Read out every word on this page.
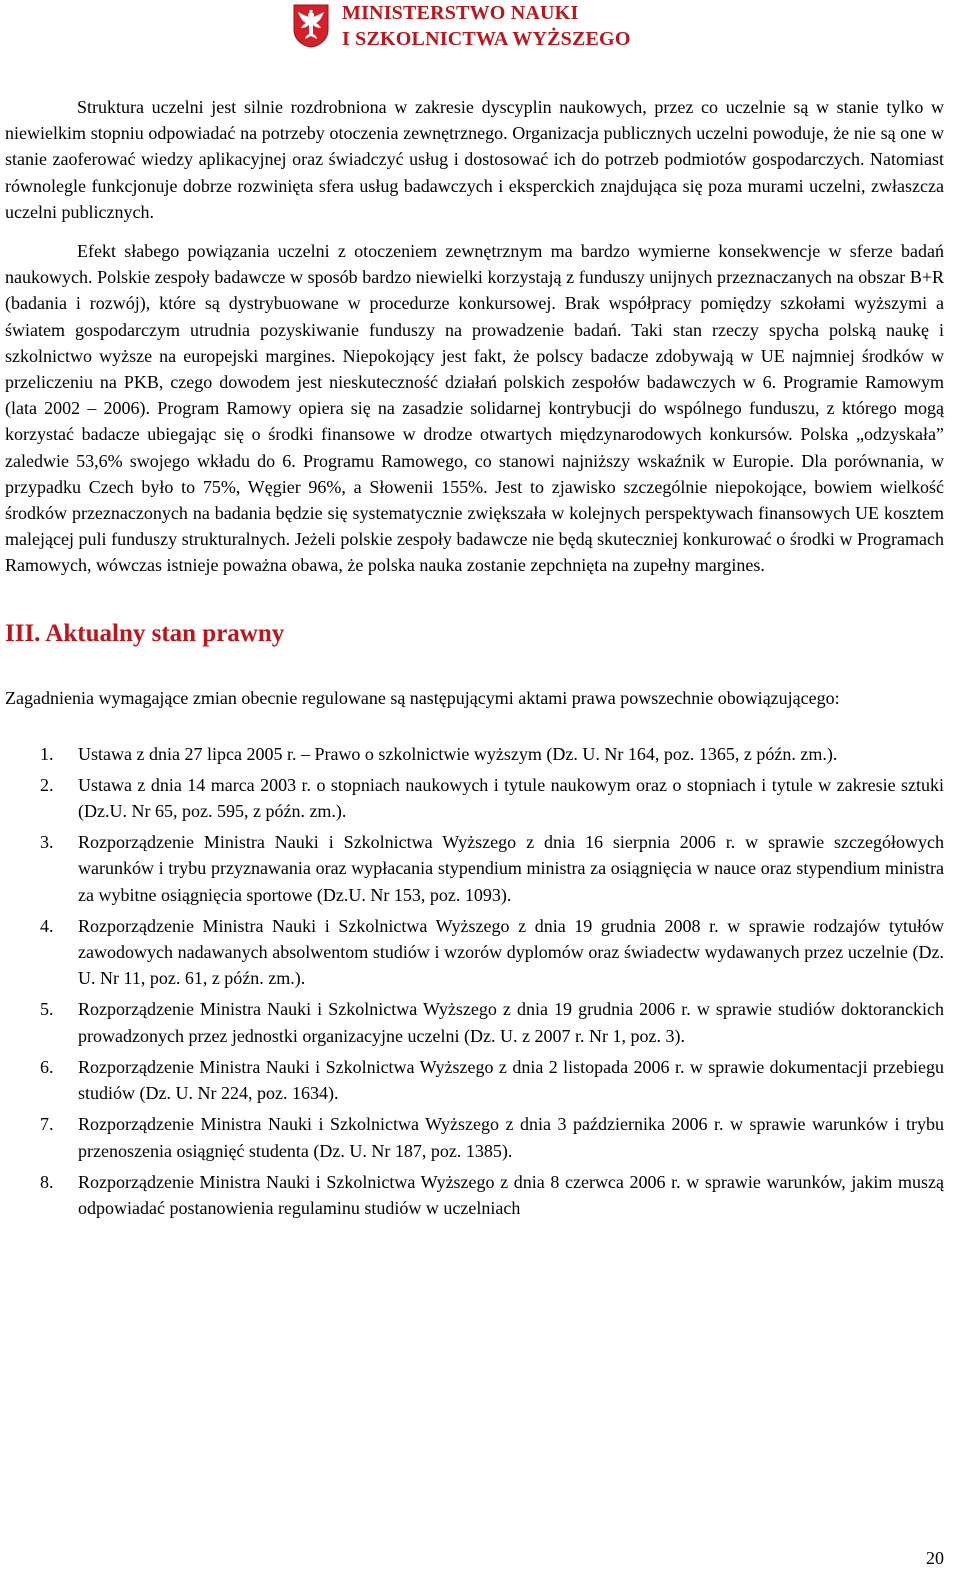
MINISTERSTWO NAUKI
I SZKOLNICTWA WYŻSZEGO

Struktura uczelni jest silnie rozdrobniona w zakresie dyscyplin naukowych, przez co uczelnie są w stanie tylko w niewielkim stopniu odpowiadać na potrzeby otoczenia zewnętrznego. Organizacja publicznych uczelni powoduje, że nie są one w stanie zaoferować wiedzy aplikacyjnej oraz świadczyć usług i dostosować ich do potrzeb podmiotów gospodarczych. Natomiast równolegle funkcjonuje dobrze rozwinięta sfera usług badawczych i eksperckich znajdująca się poza murami uczelni, zwłaszcza uczelni publicznych.

Efekt słabego powiązania uczelni z otoczeniem zewnętrznym ma bardzo wymierne konsekwencje w sferze badań naukowych. Polskie zespoły badawcze w sposób bardzo niewielki korzystają z funduszy unijnych przeznaczanych na obszar B+R (badania i rozwój), które są dystrybuowane w procedurze konkursowej. Brak współpracy pomiędzy szkołami wyższymi a światem gospodarczym utrudnia pozyskiwanie funduszy na prowadzenie badań. Taki stan rzeczy spycha polską naukę i szkolnictwo wyższe na europejski margines. Niepokojący jest fakt, że polscy badacze zdobywają w UE najmniej środków w przeliczeniu na PKB, czego dowodem jest nieskuteczność działań polskich zespołów badawczych w 6. Programie Ramowym (lata 2002 – 2006). Program Ramowy opiera się na zasadzie solidarnej kontrybucji do wspólnego funduszu, z którego mogą korzystać badacze ubiegając się o środki finansowe w drodze otwartych międzynarodowych konkursów. Polska „odzyskała” zaledwie 53,6% swojego wkładu do 6. Programu Ramowego, co stanowi najniższy wskaźnik w Europie. Dla porównania, w przypadku Czech było to 75%, Węgier 96%, a Słowenii 155%. Jest to zjawisko szczególnie niepokojące, bowiem wielkość środków przeznaczonych na badania będzie się systematycznie zwiększała w kolejnych perspektywach finansowych UE kosztem malejącej puli funduszy strukturalnych. Jeżeli polskie zespoły badawcze nie będą skuteczniej konkurować o środki w Programach Ramowych, wówczas istnieje poważna obawa, że polska nauka zostanie zepchnięta na zupełny margines.

III. Aktualny stan prawny

Zagadnienia wymagające zmian obecnie regulowane są następującymi aktami prawa powszechnie obowiązującego:

1. Ustawa z dnia 27 lipca 2005 r. – Prawo o szkolnictwie wyższym (Dz. U. Nr 164, poz. 1365, z późn. zm.).
2. Ustawa z dnia 14 marca 2003 r. o stopniach naukowych i tytule naukowym oraz o stopniach i tytule w zakresie sztuki (Dz.U. Nr 65, poz. 595, z późn. zm.).
3. Rozporządzenie Ministra Nauki i Szkolnictwa Wyższego z dnia 16 sierpnia 2006 r. w sprawie szczegółowych warunków i trybu przyznawania oraz wypłacania stypendium ministra za osiągnięcia w nauce oraz stypendium ministra za wybitne osiągnięcia sportowe (Dz.U. Nr 153, poz. 1093).
4. Rozporządzenie Ministra Nauki i Szkolnictwa Wyższego z dnia 19 grudnia 2008 r. w sprawie rodzajów tytułów zawodowych nadawanych absolwentom studiów i wzorów dyplomów oraz świadectw wydawanych przez uczelnie (Dz. U. Nr 11, poz. 61, z późn. zm.).
5. Rozporządzenie Ministra Nauki i Szkolnictwa Wyższego z dnia 19 grudnia 2006 r. w sprawie studiów doktoranckich prowadzonych przez jednostki organizacyjne uczelni (Dz. U. z 2007 r. Nr 1, poz. 3).
6. Rozporządzenie Ministra Nauki i Szkolnictwa Wyższego z dnia 2 listopada 2006 r. w sprawie dokumentacji przebiegu studiów (Dz. U. Nr 224, poz. 1634).
7. Rozporządzenie Ministra Nauki i Szkolnictwa Wyższego z dnia 3 października 2006 r. w sprawie warunków i trybu przenoszenia osiągnięć studenta (Dz. U. Nr 187, poz. 1385).
8. Rozporządzenie Ministra Nauki i Szkolnictwa Wyższego z dnia 8 czerwca 2006 r. w sprawie warunków, jakim muszą odpowiadać postanowienia regulaminu studiów w uczelniach
20
